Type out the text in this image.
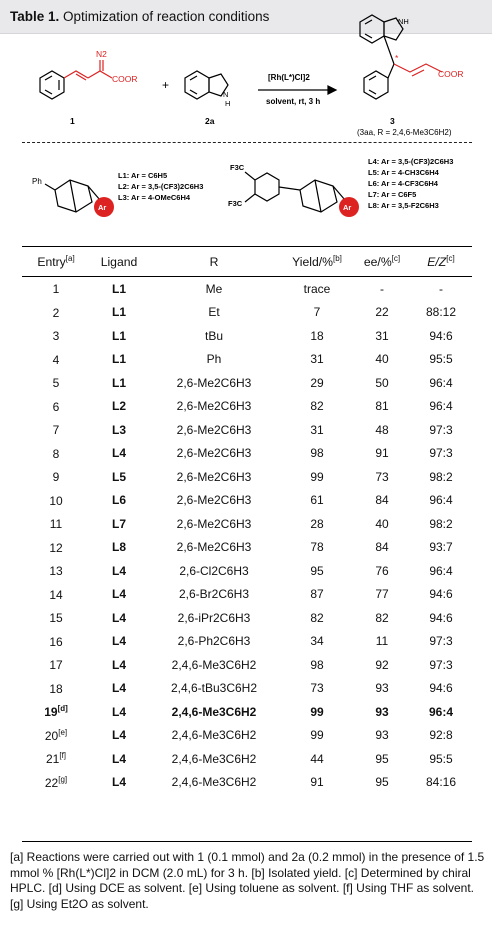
Table 1. Optimization of reaction conditions
N2
COOR +
N
H
NH
*
COOR
[Rh(L*)Cl]2
solvent, rt, 3 h
1	2a	3
(3aa, R = 2,4,6-Me3C6H2)
Ph
Ar	Ar
F3C
F3C
L1: Ar = C6H5
L2: Ar = 3,5-(CF3)2C6H3
L3: Ar = 4-OMeC6H4
L4: Ar = 3,5-(CF3)2C6H3
L5: Ar = 4-CH3C6H4
L6: Ar = 4-CF3C6H4
L7: Ar = C6F5
L8: Ar = 3,5-F2C6H3
Entry[a]	Ligand	R	Yield/%[b]	ee/%[c]	E/Z[c]
1	L1	Me	trace	-	-
2	L1	Et	7	22	88:12
3	L1	tBu	18	31	94:6
4	L1	Ph	31	40	95:5
5	L1	2,6-Me2C6H3	29	50	96:4
6	L2	2,6-Me2C6H3	82	81	96:4
7	L3	2,6-Me2C6H3	31	48	97:3
8	L4	2,6-Me2C6H3	98	91	97:3
9	L5	2,6-Me2C6H3	99	73	98:2
10	L6	2,6-Me2C6H3	61	84	96:4
11	L7	2,6-Me2C6H3	28	40	98:2
12	L8	2,6-Me2C6H3	78	84	93:7
13	L4	2,6-Cl2C6H3	95	76	96:4
14	L4	2,6-Br2C6H3	87	77	94:6
15	L4	2,6-iPr2C6H3	82	82	94:6
16	L4	2,6-Ph2C6H3	34	11	97:3
17	L4	2,4,6-Me3C6H2	98	92	97:3
18	L4	2,4,6-tBu3C6H2	73	93	94:6
19[d]	L4	2,4,6-Me3C6H2	99	93	96:4
20[e]	L4	2,4,6-Me3C6H2	99	93	92:8
21[f]	L4	2,4,6-Me3C6H2	44	95	95:5
22[g]	L4	2,4,6-Me3C6H2	91	95	84:16
[a] Reactions were carried out with 1 (0.1 mmol) and 2a (0.2 mmol) in the presence of 1.5 mmol % [Rh(L*)Cl]2 in DCM (2.0 mL) for 3 h. [b] Isolated yield. [c] Determined by chiral HPLC. [d] Using DCE as solvent. [e] Using toluene as solvent. [f] Using THF as solvent. [g] Using Et2O as solvent.
